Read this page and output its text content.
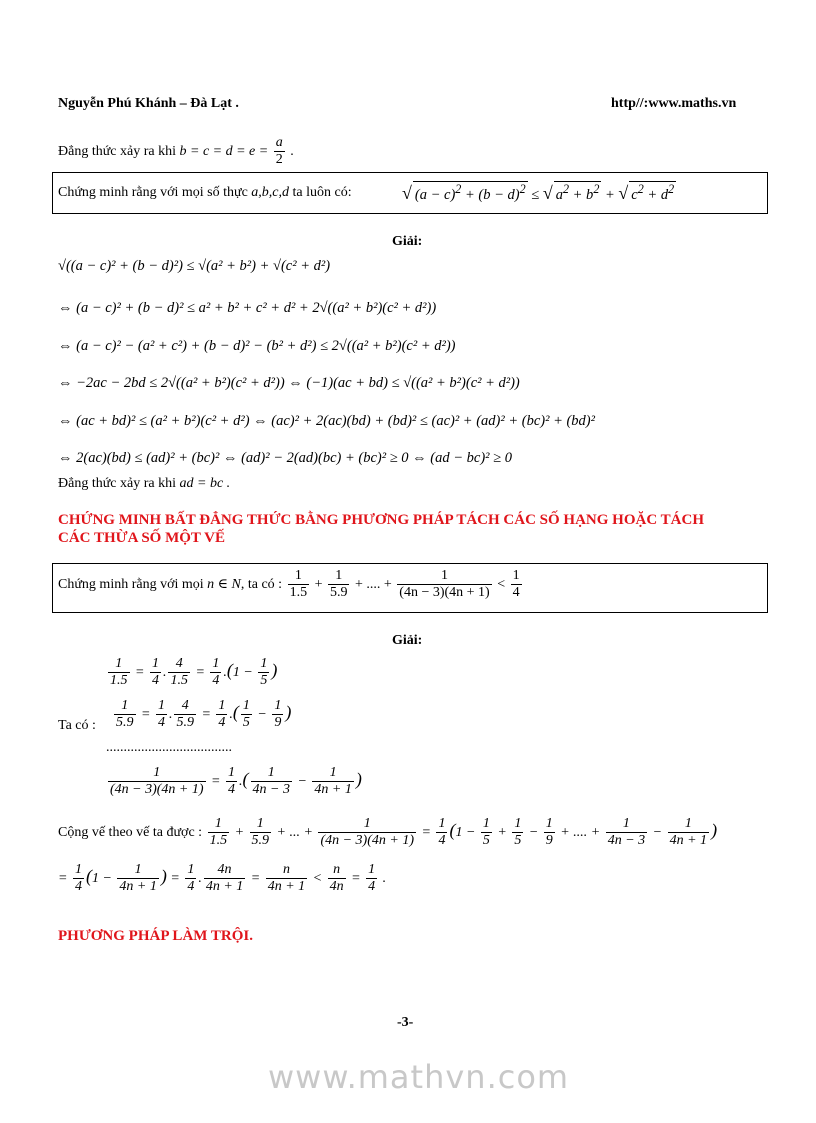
Nguyễn Phú Khánh – Đà Lạt .	http//:www.maths.vn
Đẳng thức xảy ra khi $b = c = d = e = \frac{a}{2}$ .
Chứng minh rằng với mọi số thực a,b,c,d ta luôn có:	√ $(a - c)^2 + (b - d)^2$ ≤ √ $a^2 + b^2$ + √ $c^2 + d^2$
Giải:
√((a − c)² + (b − d)²) ≤ √(a² + b²) + √(c² + d²)
⇔ (a − c)² + (b − d)² ≤ a² + b² + c² + d² + 2√((a² + b²)(c² + d²))
⇔ (a − c)² − (a² + c²) + (b − d)² − (b² + d²) ≤ 2√((a² + b²)(c² + d²))
⇔ −2ac − 2bd ≤ 2√((a² + b²)(c² + d²)) ⇔ (−1)(ac + bd) ≤ √((a² + b²)(c² + d²))
⇔ (ac + bd)² ≤ (a² + b²)(c² + d²) ⇔ (ac)² + 2(ac)(bd) + (bd)² ≤ (ac)² + (ad)² + (bc)² + (bd)²
⇔ 2(ac)(bd) ≤ (ad)² + (bc)² ⇔ (ad)² − 2(ad)(bc) + (bc)² ≥ 0 ⇔ (ad − bc)² ≥ 0
Đẳng thức xảy ra khi ad = bc .
CHỨNG MINH BẤT ĐẲNG THỨC BẰNG PHƯƠNG PHÁP TÁCH CÁC SỐ HẠNG HOẶC TÁCH
CÁC THỪA SỐ MỘT VẾ
Chứng minh rằng với mọi n ∈ N, ta có : $\frac{1}{1.5} + \frac{1}{5.9}$ + .... + $\frac{1}{(4n - 3)(4n + 1)} < \frac{1}{4}$
Giải:
$\frac{1}{1.5} = \frac{1}{4}$ . $\frac{4}{1.5} = \frac{1}{4} .(1 - \frac{1}{5}$ )
Ta có : $\frac{1}{5.9} = \frac{1}{4}$ . $\frac{4}{5.9} = \frac{1}{4}$ .( $\frac{1}{5} - \frac{1}{9}$ )
....................................
$\frac{1}{(4n - 3)(4n + 1)} = \frac{1}{4}$ .( $\frac{1}{4n - 3} - \frac{1}{4n + 1}$ )
Cộng vế theo vế ta được : $\frac{1}{1.5} + \frac{1}{5.9}$ + ... + $\frac{1}{(4n - 3)(4n + 1)} = \frac{1}{4} (1 - \frac{1}{5} + \frac{1}{5} - \frac{1}{9}$ + .... + $\frac{1}{4n - 3} - \frac{1}{4n + 1}$ )
= $\frac{1}{4} (1 - \frac{1}{4n + 1}$ ) = $\frac{1}{4}$ . $\frac{4n}{4n + 1} = \frac{n}{4n + 1} < \frac{n}{4n} = \frac{1}{4}$ .
PHƯƠNG PHÁP LÀM TRỘI.
-3-
www.mathvn.com
